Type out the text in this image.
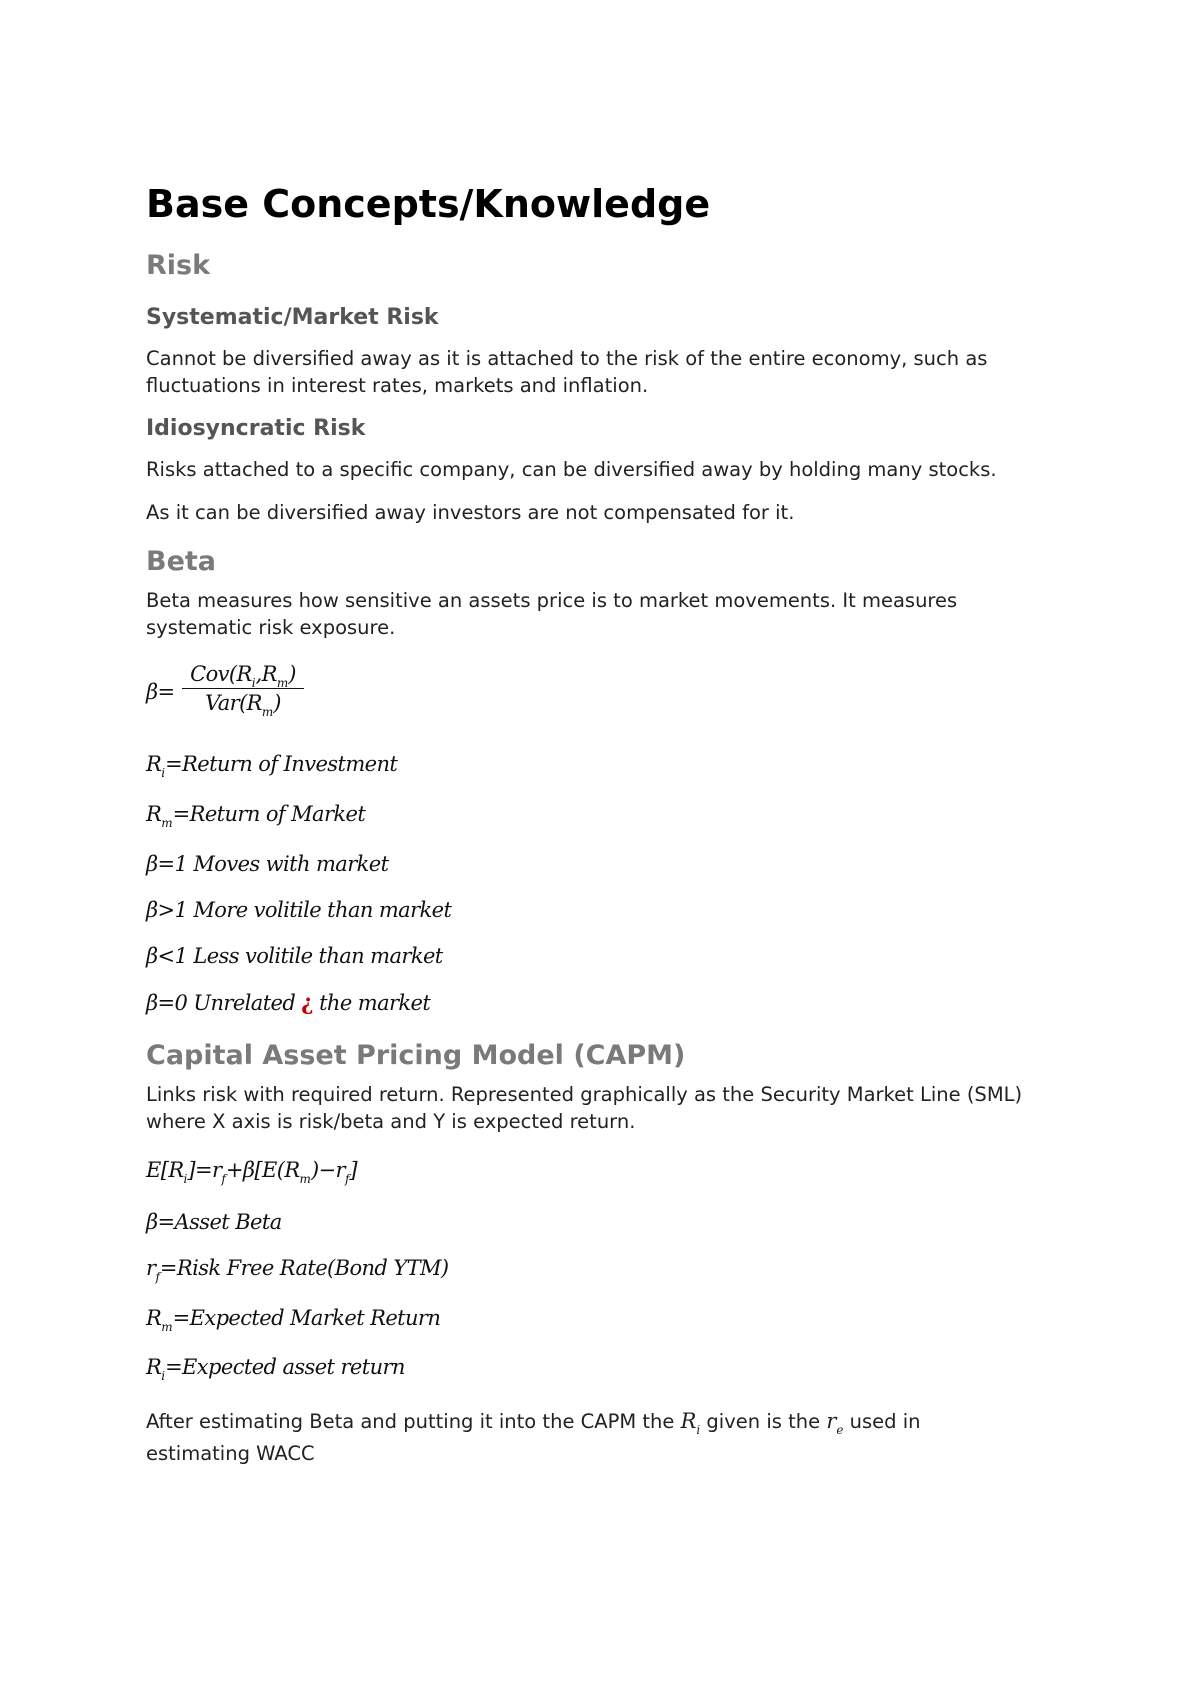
Base Concepts/Knowledge
Risk
Systematic/Market Risk
Cannot be diversified away as it is attached to the risk of the entire economy, such as fluctuations in interest rates, markets and inflation.
Idiosyncratic Risk
Risks attached to a specific company, can be diversified away by holding many stocks.
As it can be diversified away investors are not compensated for it.
Beta
Beta measures how sensitive an assets price is to market movements. It measures systematic risk exposure.
β=
$Cov(R_i,R_m)$
$Var(R_m)$
$R_i=Return$ of Investment
$R_m=Return$ of Market
β=1 Moves with market
β>1 More volitile than market
β<1 Less volitile than market
β=0 Unrelated ¿ the market
Capital Asset Pricing Model (CAPM)
Links risk with required return. Represented graphically as the Security Market Line (SML) where X axis is risk/beta and Y is expected return.
$E[R_i]=r_f+\beta[E(R_m)-r_f]$
β=Asset Beta
$r_f=Risk$ Free Rate(Bond YTM)
$R_m=Expected$ Market Return
$R_i=Expected$ asset return
After estimating Beta and putting it into the CAPM the $R_i$ given is the $r_e$ used in
estimating WACC
